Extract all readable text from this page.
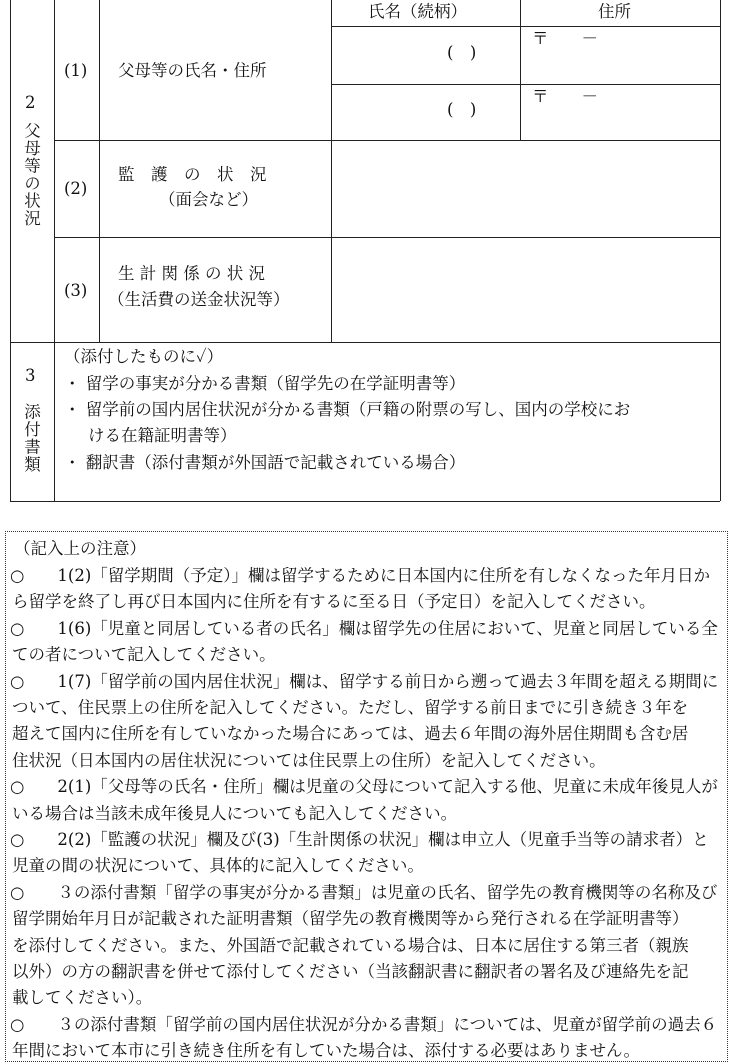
2
父母等の状況
(1) 父母等の氏名・住所
氏名（続柄）	住所
(　)
(　)
〒　　－
〒　　－
(2)
監　護　の　状　況
（面会など）
(3)
生 計 関 係 の 状 況
（生活費の送金状況等）
3
添付書類
（添付したものに✓）
・ 留学の事実が分かる書類（留学先の在学証明書等）
・ 留学前の国内居住状況が分かる書類（戸籍の附票の写し、国内の学校にお
ける在籍証明書等）
・ 翻訳書（添付書類が外国語で記載されている場合）
（記入上の注意）
○　　1(2)「留学期間（予定）」欄は留学するために日本国内に住所を有しなくなった年月日か
ら留学を終了し再び日本国内に住所を有するに至る日（予定日）を記入してください。
○　　1(6)「児童と同居している者の氏名」欄は留学先の住居において、児童と同居している全
ての者について記入してください。
○　　1(7)「留学前の国内居住状況」欄は、留学する前日から遡って過去３年間を超える期間に
ついて、住民票上の住所を記入してください。ただし、留学する前日までに引き続き３年を
超えて国内に住所を有していなかった場合にあっては、過去６年間の海外居住期間も含む居
住状況（日本国内の居住状況については住民票上の住所）を記入してください。
○　　2(1)「父母等の氏名・住所」欄は児童の父母について記入する他、児童に未成年後見人が
いる場合は当該未成年後見人についても記入してください。
○　　2(2)「監護の状況」欄及び(3)「生計関係の状況」欄は申立人（児童手当等の請求者）と
児童の間の状況について、具体的に記入してください。
○　　３の添付書類「留学の事実が分かる書類」は児童の氏名、留学先の教育機関等の名称及び
留学開始年月日が記載された証明書類（留学先の教育機関等から発行される在学証明書等）
を添付してください。また、外国語で記載されている場合は、日本に居住する第三者（親族
以外）の方の翻訳書を併せて添付してください（当該翻訳書に翻訳者の署名及び連絡先を記
載してください）。
○　　３の添付書類「留学前の国内居住状況が分かる書類」については、児童が留学前の過去６
年間において本市に引き続き住所を有していた場合は、添付する必要はありません。
